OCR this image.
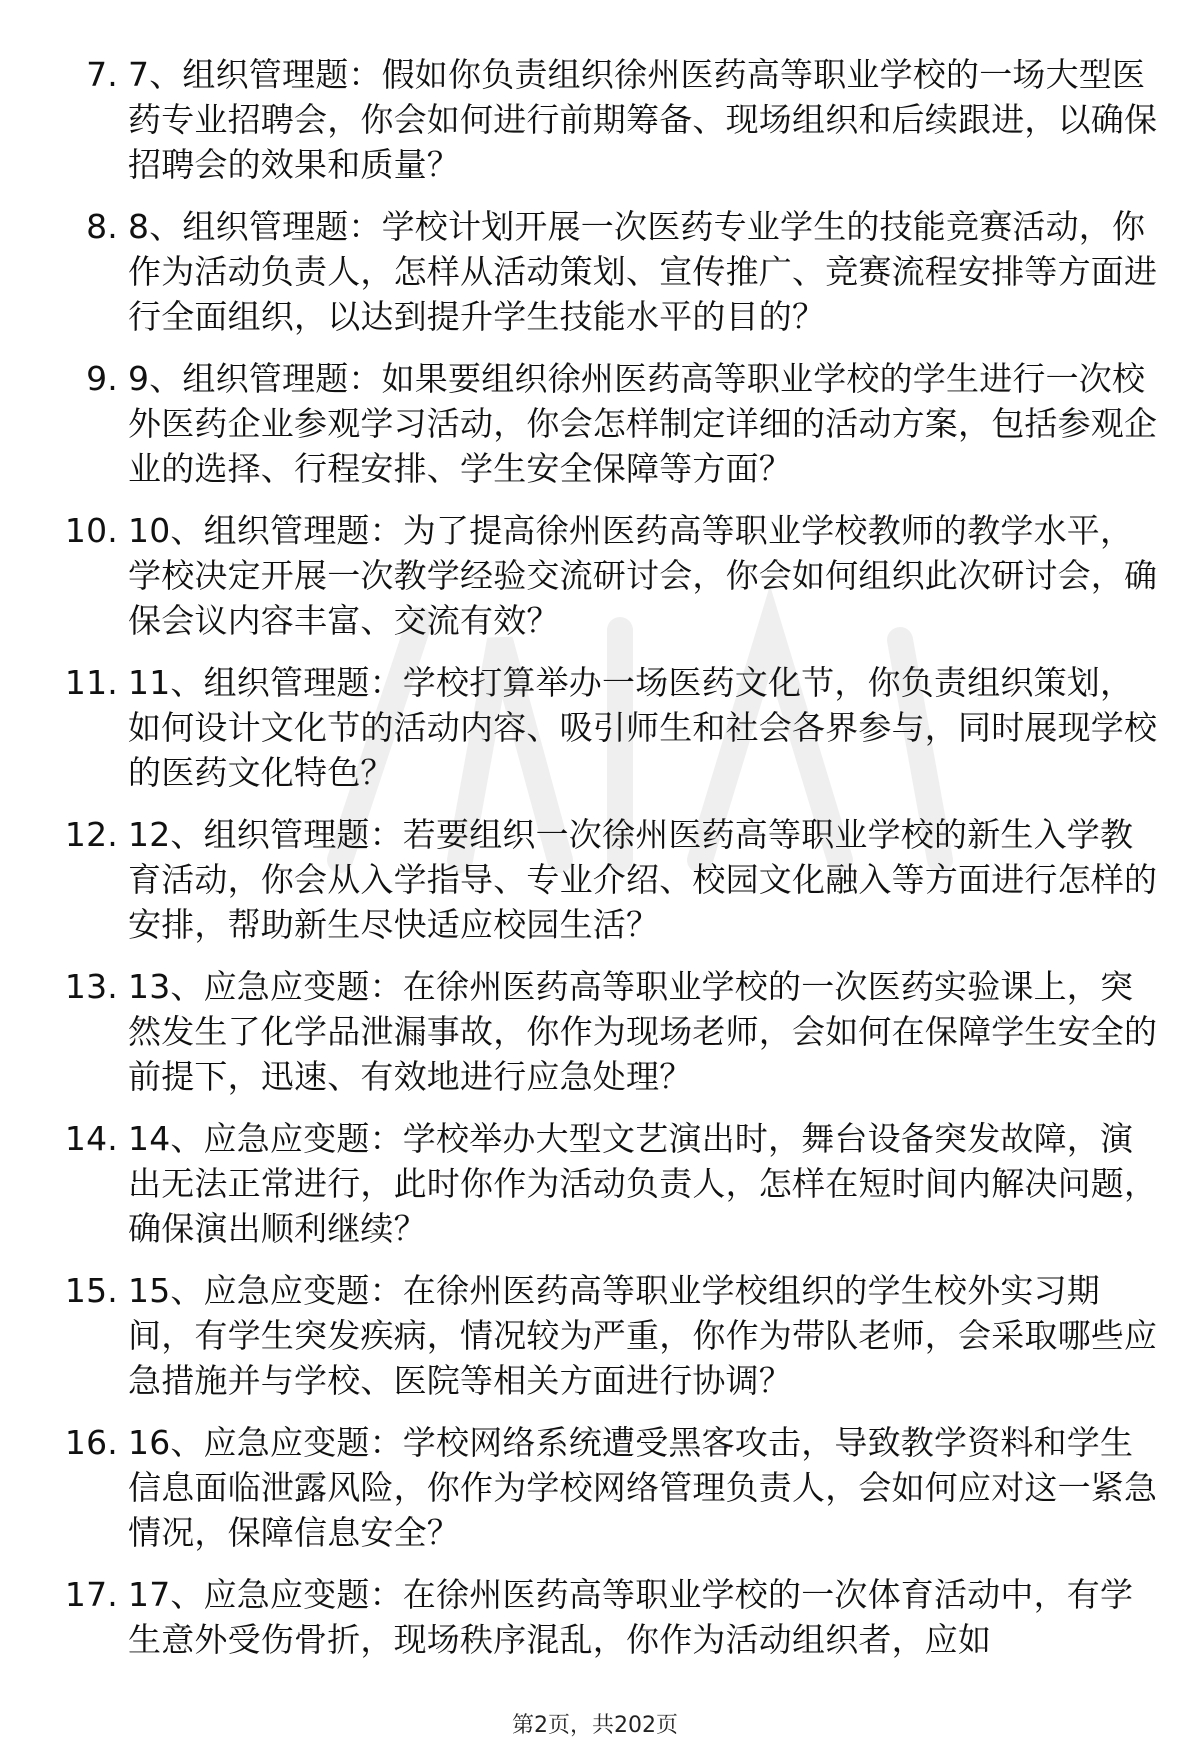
7. 7、组织管理题：假如你负责组织徐州医药高等职业学校的一场大型医药专业招聘会，你会如何进行前期筹备、现场组织和后续跟进，以确保招聘会的效果和质量？
8. 8、组织管理题：学校计划开展一次医药专业学生的技能竞赛活动，你作为活动负责人，怎样从活动策划、宣传推广、竞赛流程安排等方面进行全面组织，以达到提升学生技能水平的目的？
9. 9、组织管理题：如果要组织徐州医药高等职业学校的学生进行一次校外医药企业参观学习活动，你会怎样制定详细的活动方案，包括参观企业的选择、行程安排、学生安全保障等方面？
10. 10、组织管理题：为了提高徐州医药高等职业学校教师的教学水平，学校决定开展一次教学经验交流研讨会，你会如何组织此次研讨会，确保会议内容丰富、交流有效？
11. 11、组织管理题：学校打算举办一场医药文化节，你负责组织策划，如何设计文化节的活动内容、吸引师生和社会各界参与，同时展现学校的医药文化特色？
12. 12、组织管理题：若要组织一次徐州医药高等职业学校的新生入学教育活动，你会从入学指导、专业介绍、校园文化融入等方面进行怎样的安排，帮助新生尽快适应校园生活？
13. 13、应急应变题：在徐州医药高等职业学校的一次医药实验课上，突然发生了化学品泄漏事故，你作为现场老师，会如何在保障学生安全的前提下，迅速、有效地进行应急处理？
14. 14、应急应变题：学校举办大型文艺演出时，舞台设备突发故障，演出无法正常进行，此时你作为活动负责人，怎样在短时间内解决问题，确保演出顺利继续？
15. 15、应急应变题：在徐州医药高等职业学校组织的学生校外实习期间，有学生突发疾病，情况较为严重，你作为带队老师，会采取哪些应急措施并与学校、医院等相关方面进行协调？
16. 16、应急应变题：学校网络系统遭受黑客攻击，导致教学资料和学生信息面临泄露风险，你作为学校网络管理负责人，会如何应对这一紧急情况，保障信息安全？
17. 17、应急应变题：在徐州医药高等职业学校的一次体育活动中，有学生意外受伤骨折，现场秩序混乱，你作为活动组织者，应如
第2页，共202页
